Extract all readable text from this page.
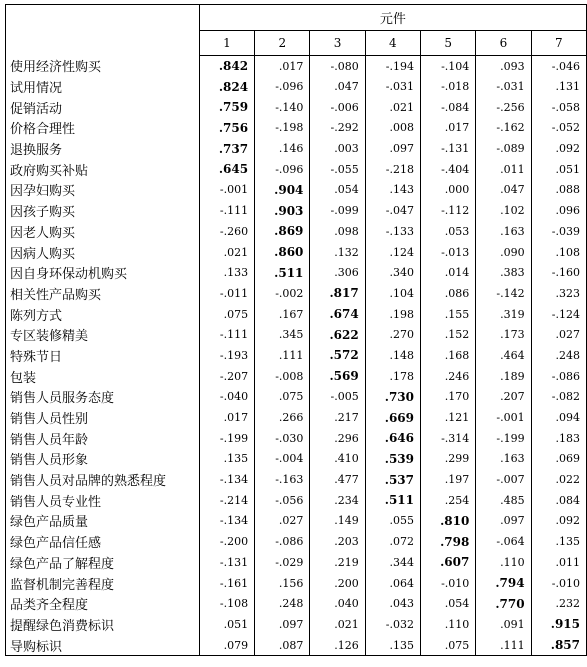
	元件						
	1	2	3	4	5	6	7
使用经济性购买	.842	.017	-.080	-.194	-.104	.093	-.046
试用情况	.824	-.096	.047	-.031	-.018	-.031	.131
促销活动	.759	-.140	-.006	.021	-.084	-.256	-.058
价格合理性	.756	-.198	-.292	.008	.017	-.162	-.052
退换服务	.737	.146	.003	.097	-.131	-.089	.092
政府购买补贴	.645	-.096	-.055	-.218	-.404	.011	.051
因孕妇购买	-.001	.904	.054	.143	.000	.047	.088
因孩子购买	-.111	.903	-.099	-.047	-.112	.102	.096
因老人购买	-.260	.869	.098	-.133	.053	.163	-.039
因病人购买	.021	.860	.132	.124	-.013	.090	.108
因自身环保动机购买	.133	.511	.306	.340	.014	.383	-.160
相关性产品购买	-.011	-.002	.817	.104	.086	-.142	.323
陈列方式	.075	.167	.674	.198	.155	.319	-.124
专区装修精美	-.111	.345	.622	.270	.152	.173	.027
特殊节日	-.193	.111	.572	.148	.168	.464	.248
包装	-.207	-.008	.569	.178	.246	.189	-.086
销售人员服务态度	-.040	.075	-.005	.730	.170	.207	-.082
销售人员性别	.017	.266	.217	.669	.121	-.001	.094
销售人员年龄	-.199	-.030	.296	.646	-.314	-.199	.183
销售人员形象	.135	-.004	.410	.539	.299	.163	.069
销售人员对品牌的熟悉程度	-.134	-.163	.477	.537	.197	-.007	.022
销售人员专业性	-.214	-.056	.234	.511	.254	.485	.084
绿色产品质量	-.134	.027	.149	.055	.810	.097	.092
绿色产品信任感	-.200	-.086	.203	.072	.798	-.064	.135
绿色产品了解程度	-.131	-.029	.219	.344	.607	.110	.011
监督机制完善程度	-.161	.156	.200	.064	-.010	.794	-.010
品类齐全程度	-.108	.248	.040	.043	.054	.770	.232
提醒绿色消费标识	.051	.097	.021	-.032	.110	.091	.915
导购标识	.079	.087	.126	.135	.075	.111	.857
